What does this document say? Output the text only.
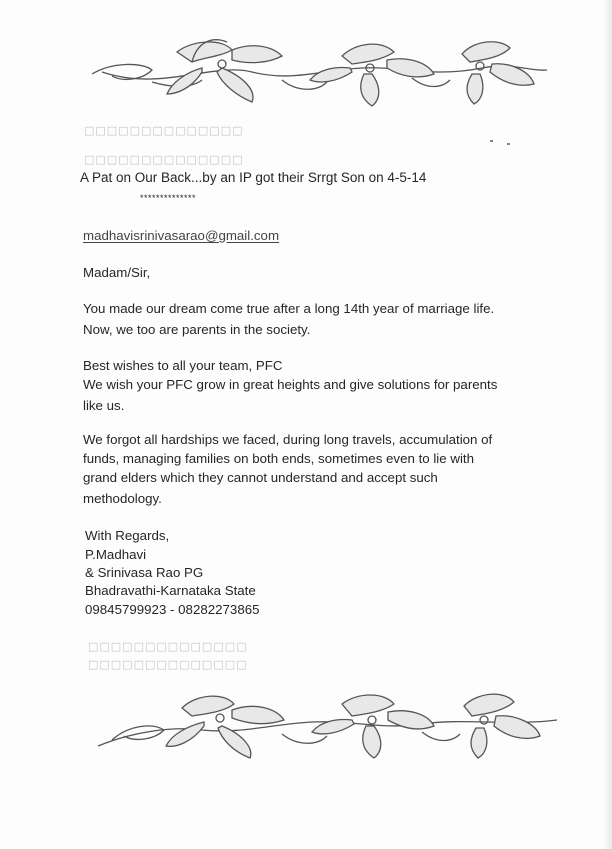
□□□□□□□□□□□□□□
□□□□□□□□□□□□□□
A Pat on Our Back...by an IP got their Srrgt Son on 4-5-14
**************
madhavisrinivasarao@gmail.com
Madam/Sir,
You made our dream come true after a long 14th year of marriage life.
Now, we too are parents in the society.
Best wishes to all your team, PFC
We wish your PFC grow in great heights and give solutions for parents
like us.
We forgot all hardships we faced, during long travels, accumulation of
funds, managing families on both ends, sometimes even to lie with
grand elders which they cannot understand and accept such
methodology.
With Regards,
P.Madhavi
& Srinivasa Rao PG
Bhadravathi-Karnataka State
09845799923 - 08282273865
□□□□□□□□□□□□□□
□□□□□□□□□□□□□□
